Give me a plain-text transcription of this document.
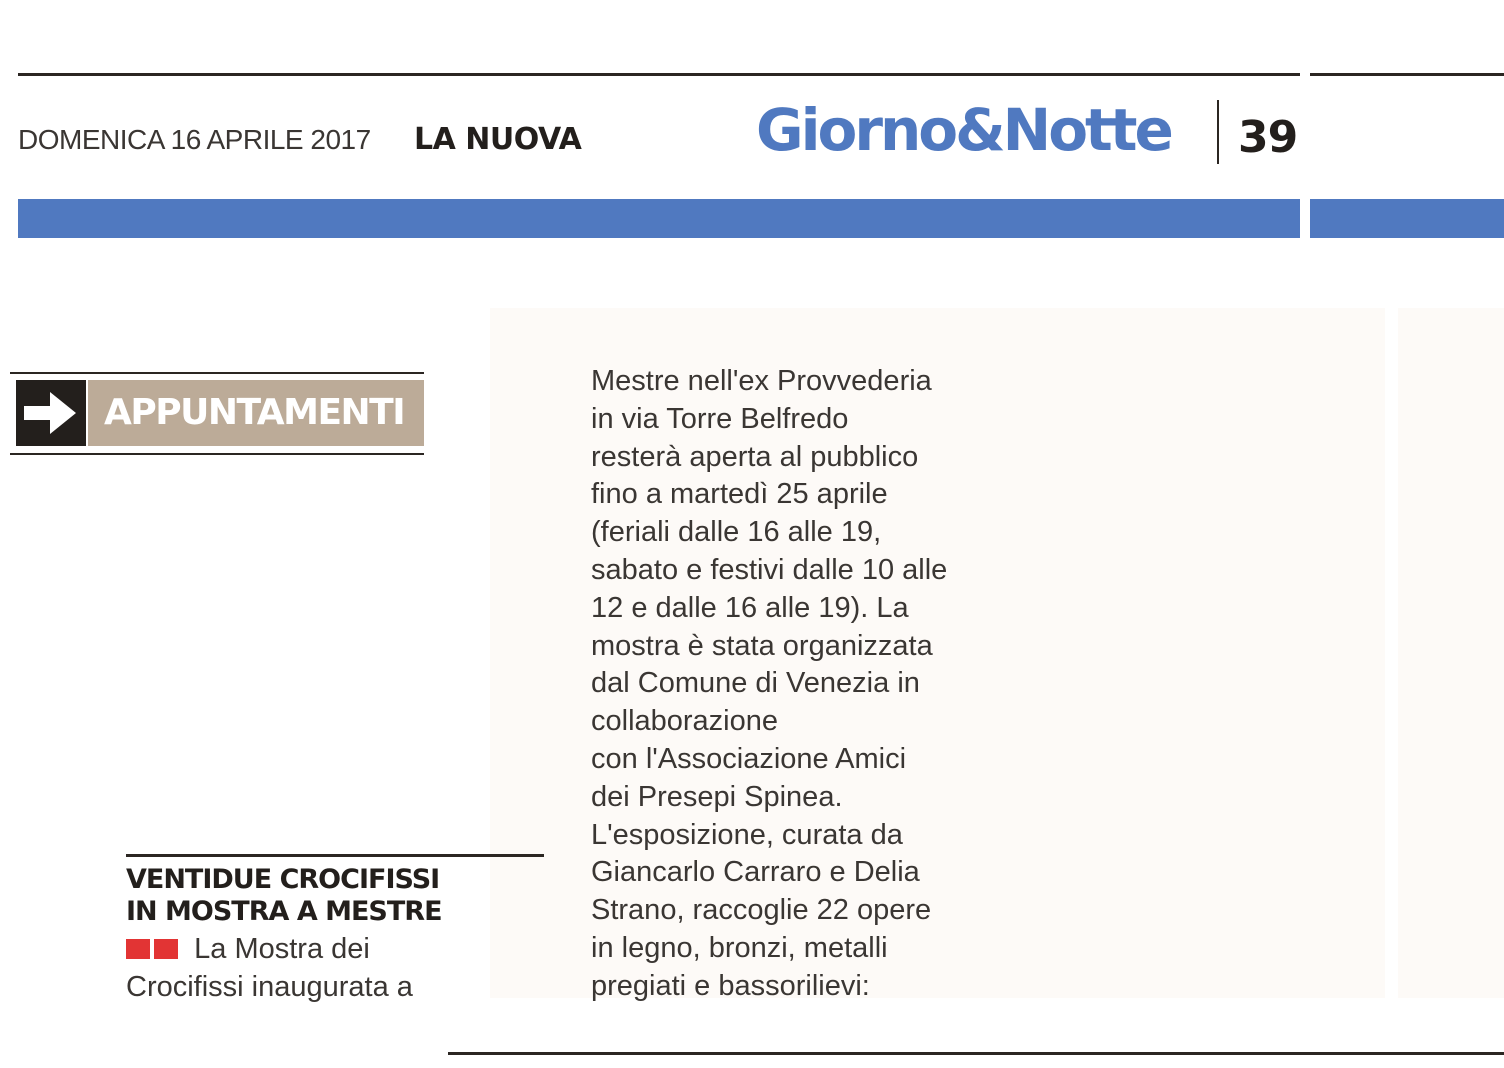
DOMENICA 16 APRILE 2017 LA NUOVA	Giorno&Notte 39
APPUNTAMENTI
VENTIDUE CROCIFISSI
IN MOSTRA A MESTRE
La Mostra dei
Crocifissi inaugurata a
Mestre nell'ex Provvederia
in via Torre Belfredo
resterà aperta al pubblico
fino a martedì 25 aprile
(feriali dalle 16 alle 19,
sabato e festivi dalle 10 alle
12 e dalle 16 alle 19). La
mostra è stata organizzata
dal Comune di Venezia in
collaborazione
con l'Associazione Amici
dei Presepi Spinea.
L'esposizione, curata da
Giancarlo Carraro e Delia
Strano, raccoglie 22 opere
in legno, bronzi, metalli
pregiati e bassorilievi:
